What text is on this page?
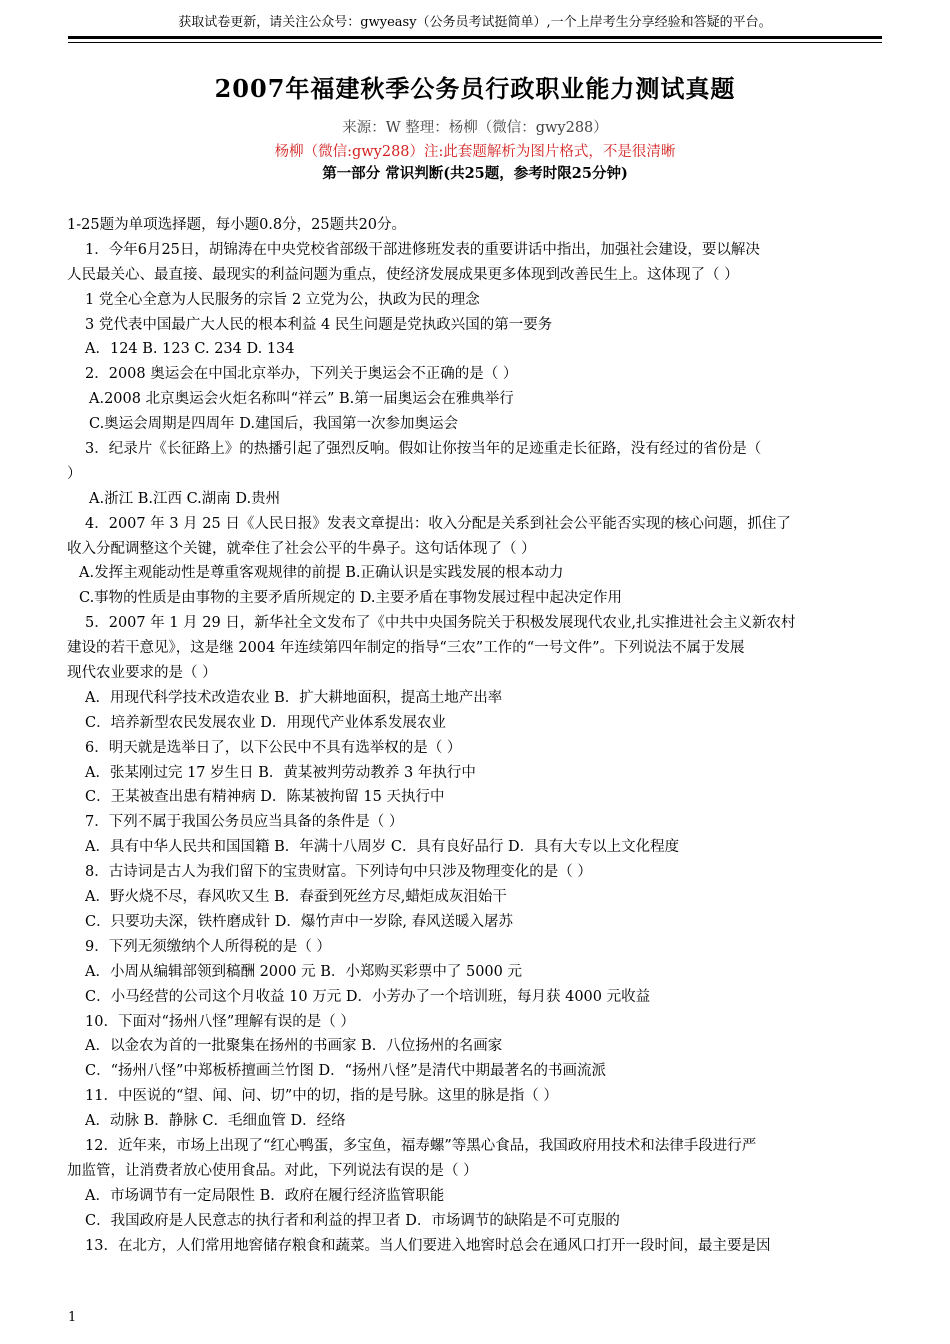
获取试卷更新，请关注公众号：gwyeasy（公务员考试挺简单）,一个上岸考生分享经验和答疑的平台。
2007年福建秋季公务员行政职业能力测试真题
来源：W 整理：杨柳（微信：gwy288）
杨柳（微信:gwy288）注:此套题解析为图片格式，不是很清晰
第一部分 常识判断(共25题，参考时限25分钟)
1-25题为单项选择题，每小题0.8分，25题共20分。
1．今年6月25日，胡锦涛在中央党校省部级干部进修班发表的重要讲话中指出，加强社会建设，要以解决
人民最关心、最直接、最现实的利益问题为重点，使经济发展成果更多体现到改善民生上。这体现了（ ）
1 党全心全意为人民服务的宗旨 2 立党为公，执政为民的理念
3 党代表中国最广大人民的根本利益 4 民生问题是党执政兴国的第一要务
A．124 B. 123 C. 234 D. 134
2．2008 奥运会在中国北京举办，下列关于奥运会不正确的是（ ）
A.2008 北京奥运会火炬名称叫“祥云” B.第一届奥运会在雅典举行
C.奥运会周期是四周年 D.建国后，我国第一次参加奥运会
3．纪录片《长征路上》的热播引起了强烈反响。假如让你按当年的足迹重走长征路，没有经过的省份是（
）
A.浙江 B.江西 C.湖南 D.贵州
4．2007 年 3 月 25 日《人民日报》发表文章提出：收入分配是关系到社会公平能否实现的核心问题，抓住了
收入分配调整这个关键，就牵住了社会公平的牛鼻子。这句话体现了（ ）
A.发挥主观能动性是尊重客观规律的前提 B.正确认识是实践发展的根本动力
C.事物的性质是由事物的主要矛盾所规定的 D.主要矛盾在事物发展过程中起决定作用
5．2007 年 1 月 29 日，新华社全文发布了《中共中央国务院关于积极发展现代农业,扎实推进社会主义新农村
建设的若干意见》，这是继 2004 年连续第四年制定的指导“三农”工作的“一号文件”。下列说法不属于发展
现代农业要求的是（ ）
A．用现代科学技术改造农业 B．扩大耕地面积，提高土地产出率
C．培养新型农民发展农业 D．用现代产业体系发展农业
6．明天就是选举日了，以下公民中不具有选举权的是（ ）
A．张某刚过完 17 岁生日 B．黄某被判劳动教养 3 年执行中
C．王某被查出患有精神病 D．陈某被拘留 15 天执行中
7．下列不属于我国公务员应当具备的条件是（ ）
A．具有中华人民共和国国籍 B．年满十八周岁 C．具有良好品行 D．具有大专以上文化程度
8．古诗词是古人为我们留下的宝贵财富。下列诗句中只涉及物理变化的是（ ）
A．野火烧不尽，春风吹又生 B．春蚕到死丝方尽,蜡炬成灰泪始干
C．只要功夫深，铁杵磨成针 D．爆竹声中一岁除, 春风送暖入屠苏
9．下列无须缴纳个人所得税的是（ ）
A．小周从编辑部领到稿酬 2000 元 B．小郑购买彩票中了 5000 元
C．小马经营的公司这个月收益 10 万元 D．小芳办了一个培训班，每月获 4000 元收益
10．下面对“扬州八怪”理解有误的是（ ）
A．以金农为首的一批聚集在扬州的书画家 B．八位扬州的名画家
C．“扬州八怪”中郑板桥擅画兰竹图 D．“扬州八怪”是清代中期最著名的书画流派
11．中医说的“望、闻、问、切”中的切，指的是号脉。这里的脉是指（ ）
A．动脉 B．静脉 C．毛细血管 D．经络
12．近年来，市场上出现了“红心鸭蛋，多宝鱼，福寿螺”等黑心食品，我国政府用技术和法律手段进行严
加监管，让消费者放心使用食品。对此，下列说法有误的是（ ）
A．市场调节有一定局限性 B．政府在履行经济监管职能
C．我国政府是人民意志的执行者和利益的捍卫者 D．市场调节的缺陷是不可克服的
13．在北方，人们常用地窖储存粮食和蔬菜。当人们要进入地窖时总会在通风口打开一段时间，最主要是因
1
